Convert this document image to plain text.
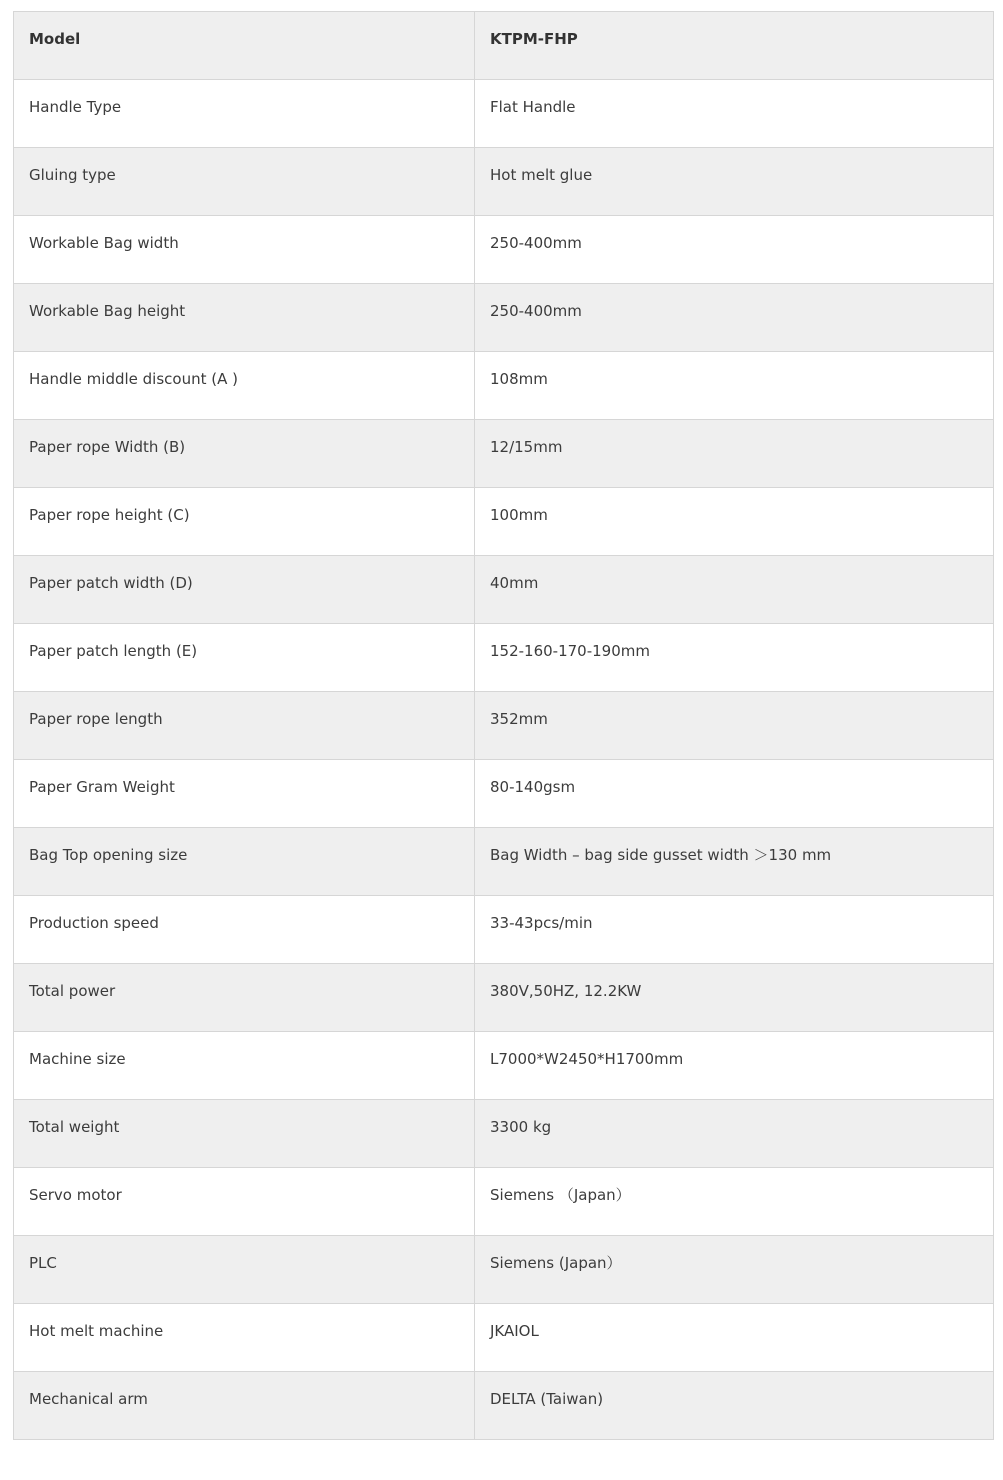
Model	KTPM-FHP
Handle Type	Flat Handle
Gluing type	Hot melt glue
Workable Bag width	250-400mm
Workable Bag height	250-400mm
Handle middle discount (A )	108mm
Paper rope Width (B)	12/15mm
Paper rope height (C)	100mm
Paper patch width (D)	40mm
Paper patch length (E)	152-160-170-190mm
Paper rope length	352mm
Paper Gram Weight	80-140gsm
Bag Top opening size	Bag Width – bag side gusset width ＞130 mm
Production speed	33-43pcs/min
Total power	380V,50HZ, 12.2KW
Machine size	L7000*W2450*H1700mm
Total weight	3300 kg
Servo motor	Siemens （Japan）
PLC	Siemens (Japan）
Hot melt machine	JKAIOL
Mechanical arm	DELTA (Taiwan)
